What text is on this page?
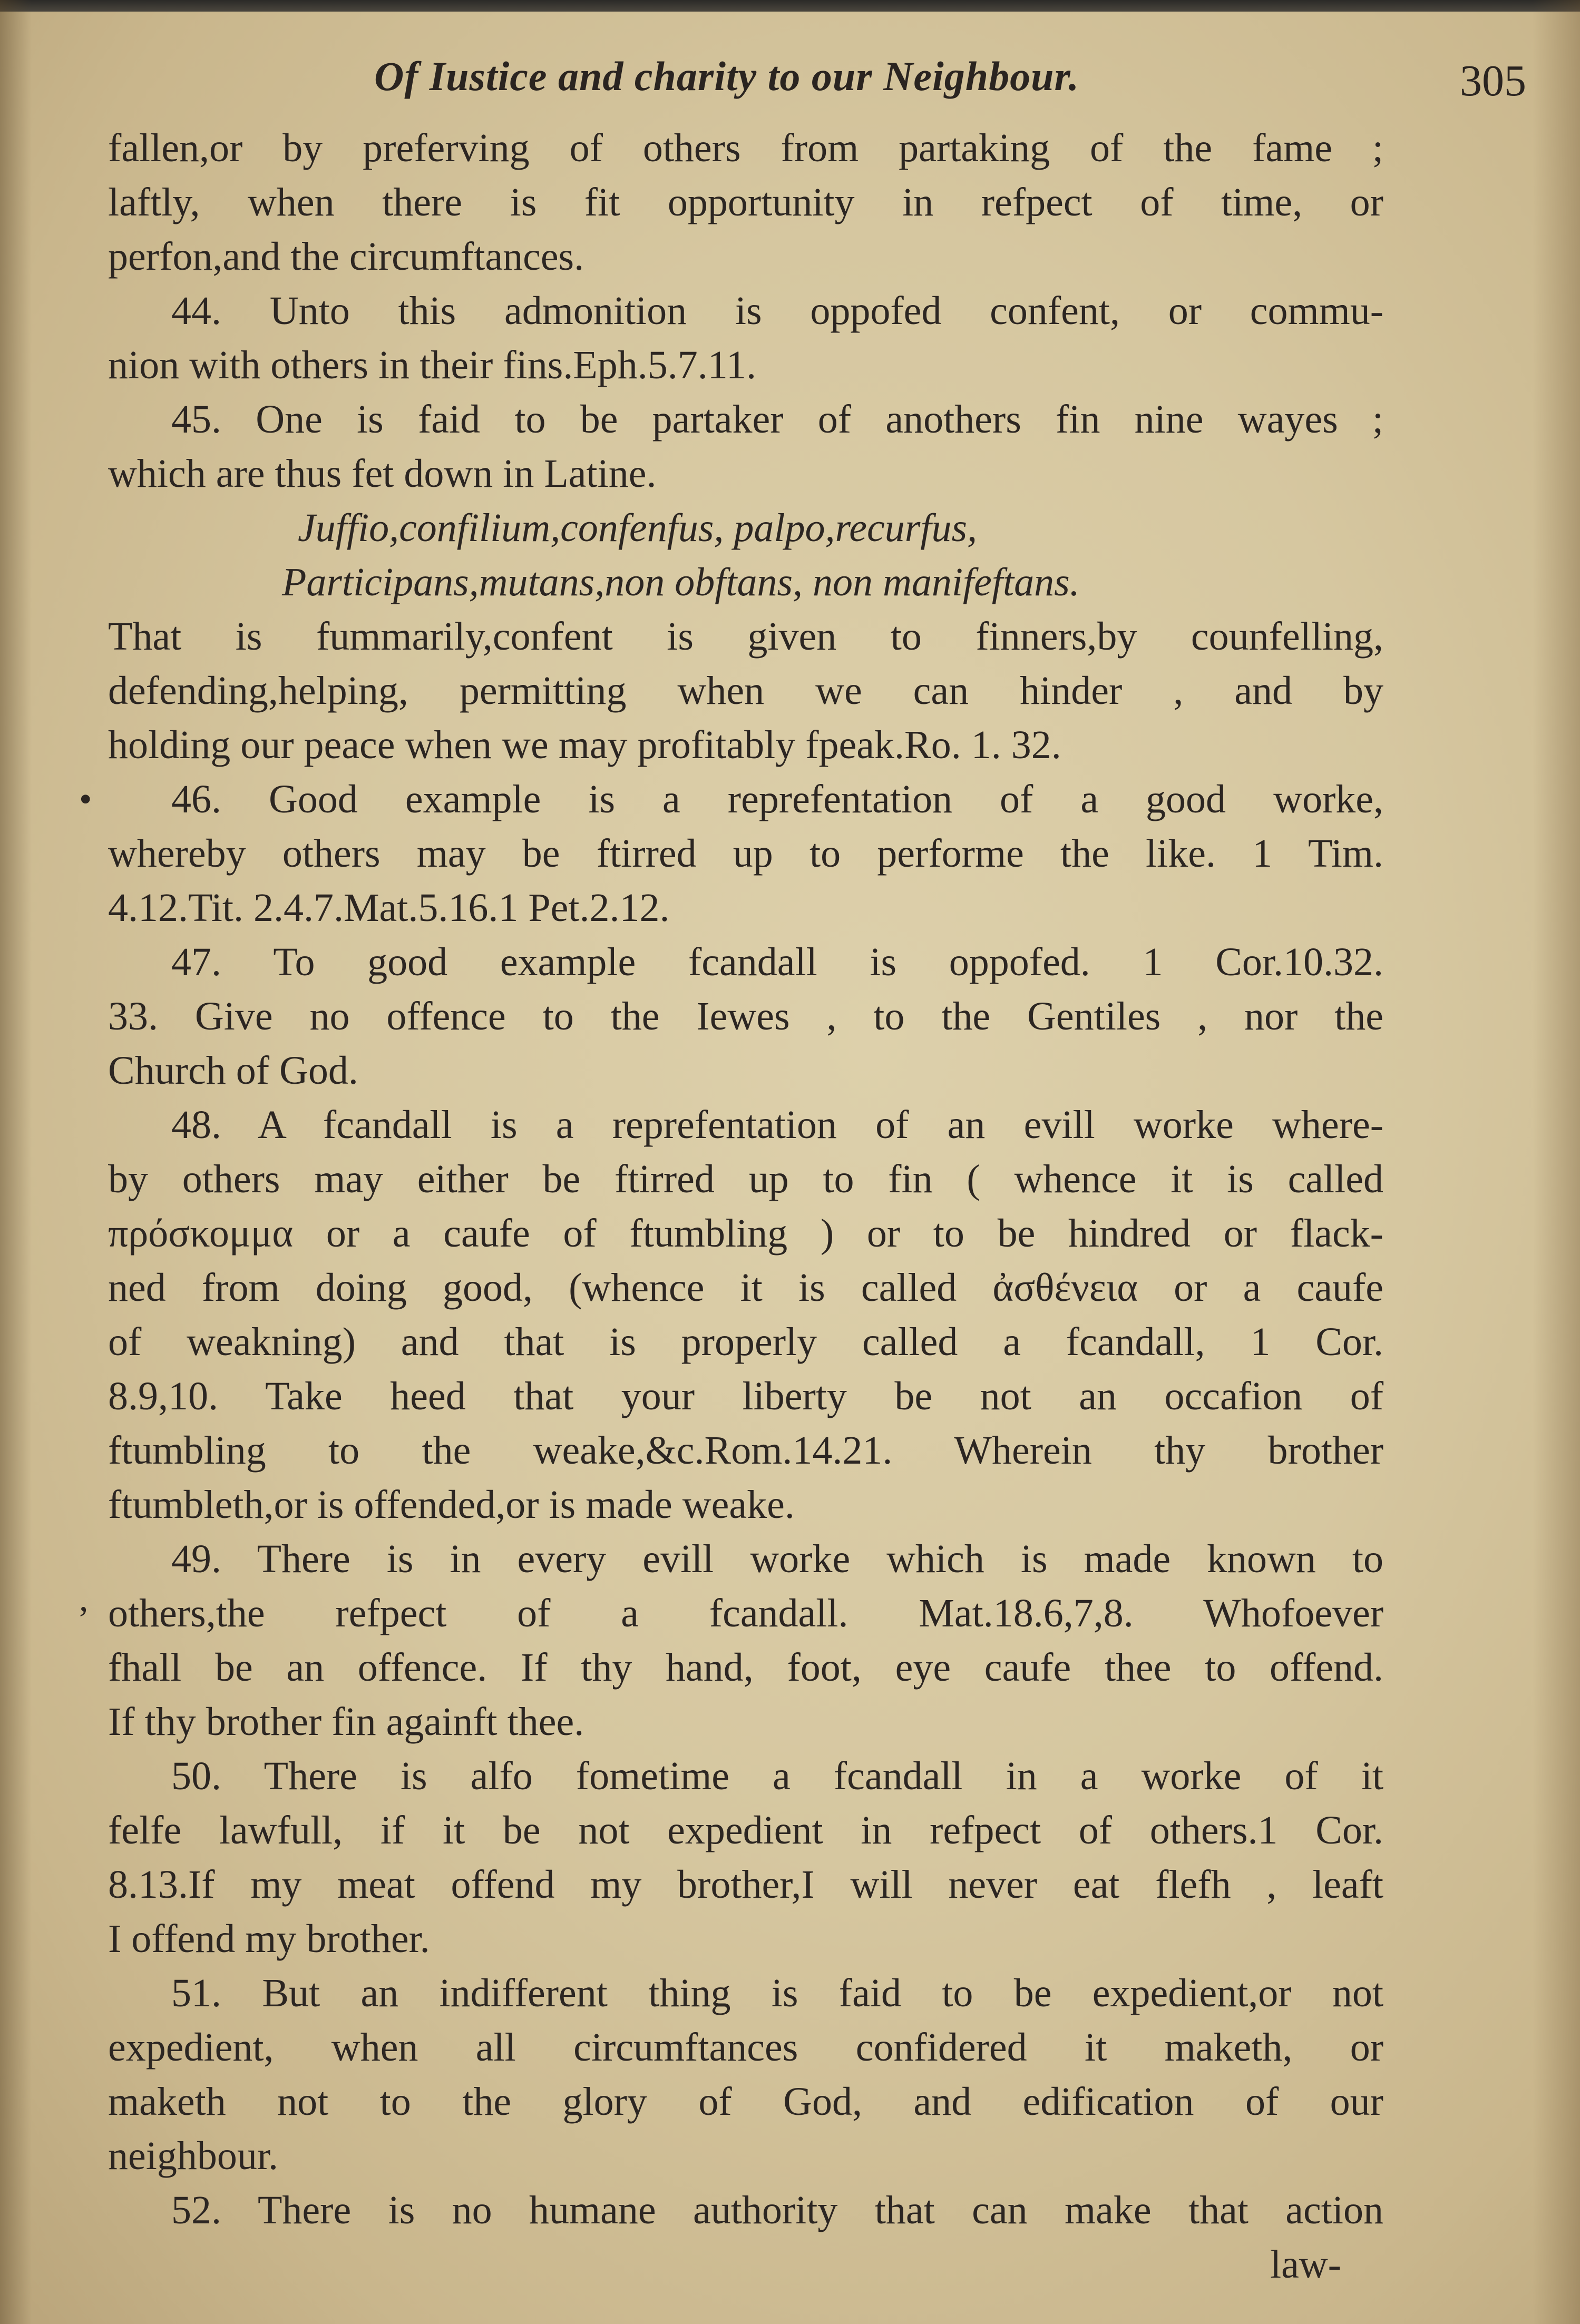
Of Iustice and charity to our Neighbour.	305
•
,
fallen,or by preferving of others from partaking of the fame ;
laftly, when there is fit opportunity in refpect of time, or
perfon,and the circumftances.
44. Unto this admonition is oppofed confent, or commu-
nion with others in their fins.Eph.5.7.11.
45. One is faid to be partaker of anothers fin nine wayes ;
which are thus fet down in Latine.
Juffio,confilium,confenfus, palpo,recurfus,
Participans,mutans,non obftans, non manifeftans.
That is fummarily,confent is given to finners,by counfelling,
defending,helping, permitting when we can hinder , and by
holding our peace when we may profitably fpeak.Ro. 1. 32.
46. Good example is a reprefentation of a good worke,
whereby others may be ftirred up to performe the like. 1 Tim.
4.12.Tit. 2.4.7.Mat.5.16.1 Pet.2.12.
47. To good example fcandall is oppofed. 1 Cor.10.32.
33. Give no offence to the Iewes , to the Gentiles , nor the
Church of God.
48. A fcandall is a reprefentation of an evill worke where-
by others may either be ftirred up to fin ( whence it is called
πρόσκομμα or a caufe of ftumbling ) or to be hindred or flack-
ned from doing good, (whence it is called ἀσθένεια or a caufe
of weakning) and that is properly called a fcandall, 1 Cor.
8.9,10. Take heed that your liberty be not an occafion of
ftumbling to the weake,&c.Rom.14.21. Wherein thy brother
ftumbleth,or is offended,or is made weake.
49. There is in every evill worke which is made known to
others,the refpect of a fcandall. Mat.18.6,7,8. Whofoever
fhall be an offence. If thy hand, foot, eye caufe thee to offend.
If thy brother fin againft thee.
50. There is alfo fometime a fcandall in a worke of it
felfe lawfull, if it be not expedient in refpect of others.1 Cor.
8.13.If my meat offend my brother,I will never eat flefh , leaft
I offend my brother.
51. But an indifferent thing is faid to be expedient,or not
expedient, when all circumftances confidered it maketh, or
maketh not to the glory of God, and edification of our
neighbour.
52. There is no humane authority that can make that action
law-
